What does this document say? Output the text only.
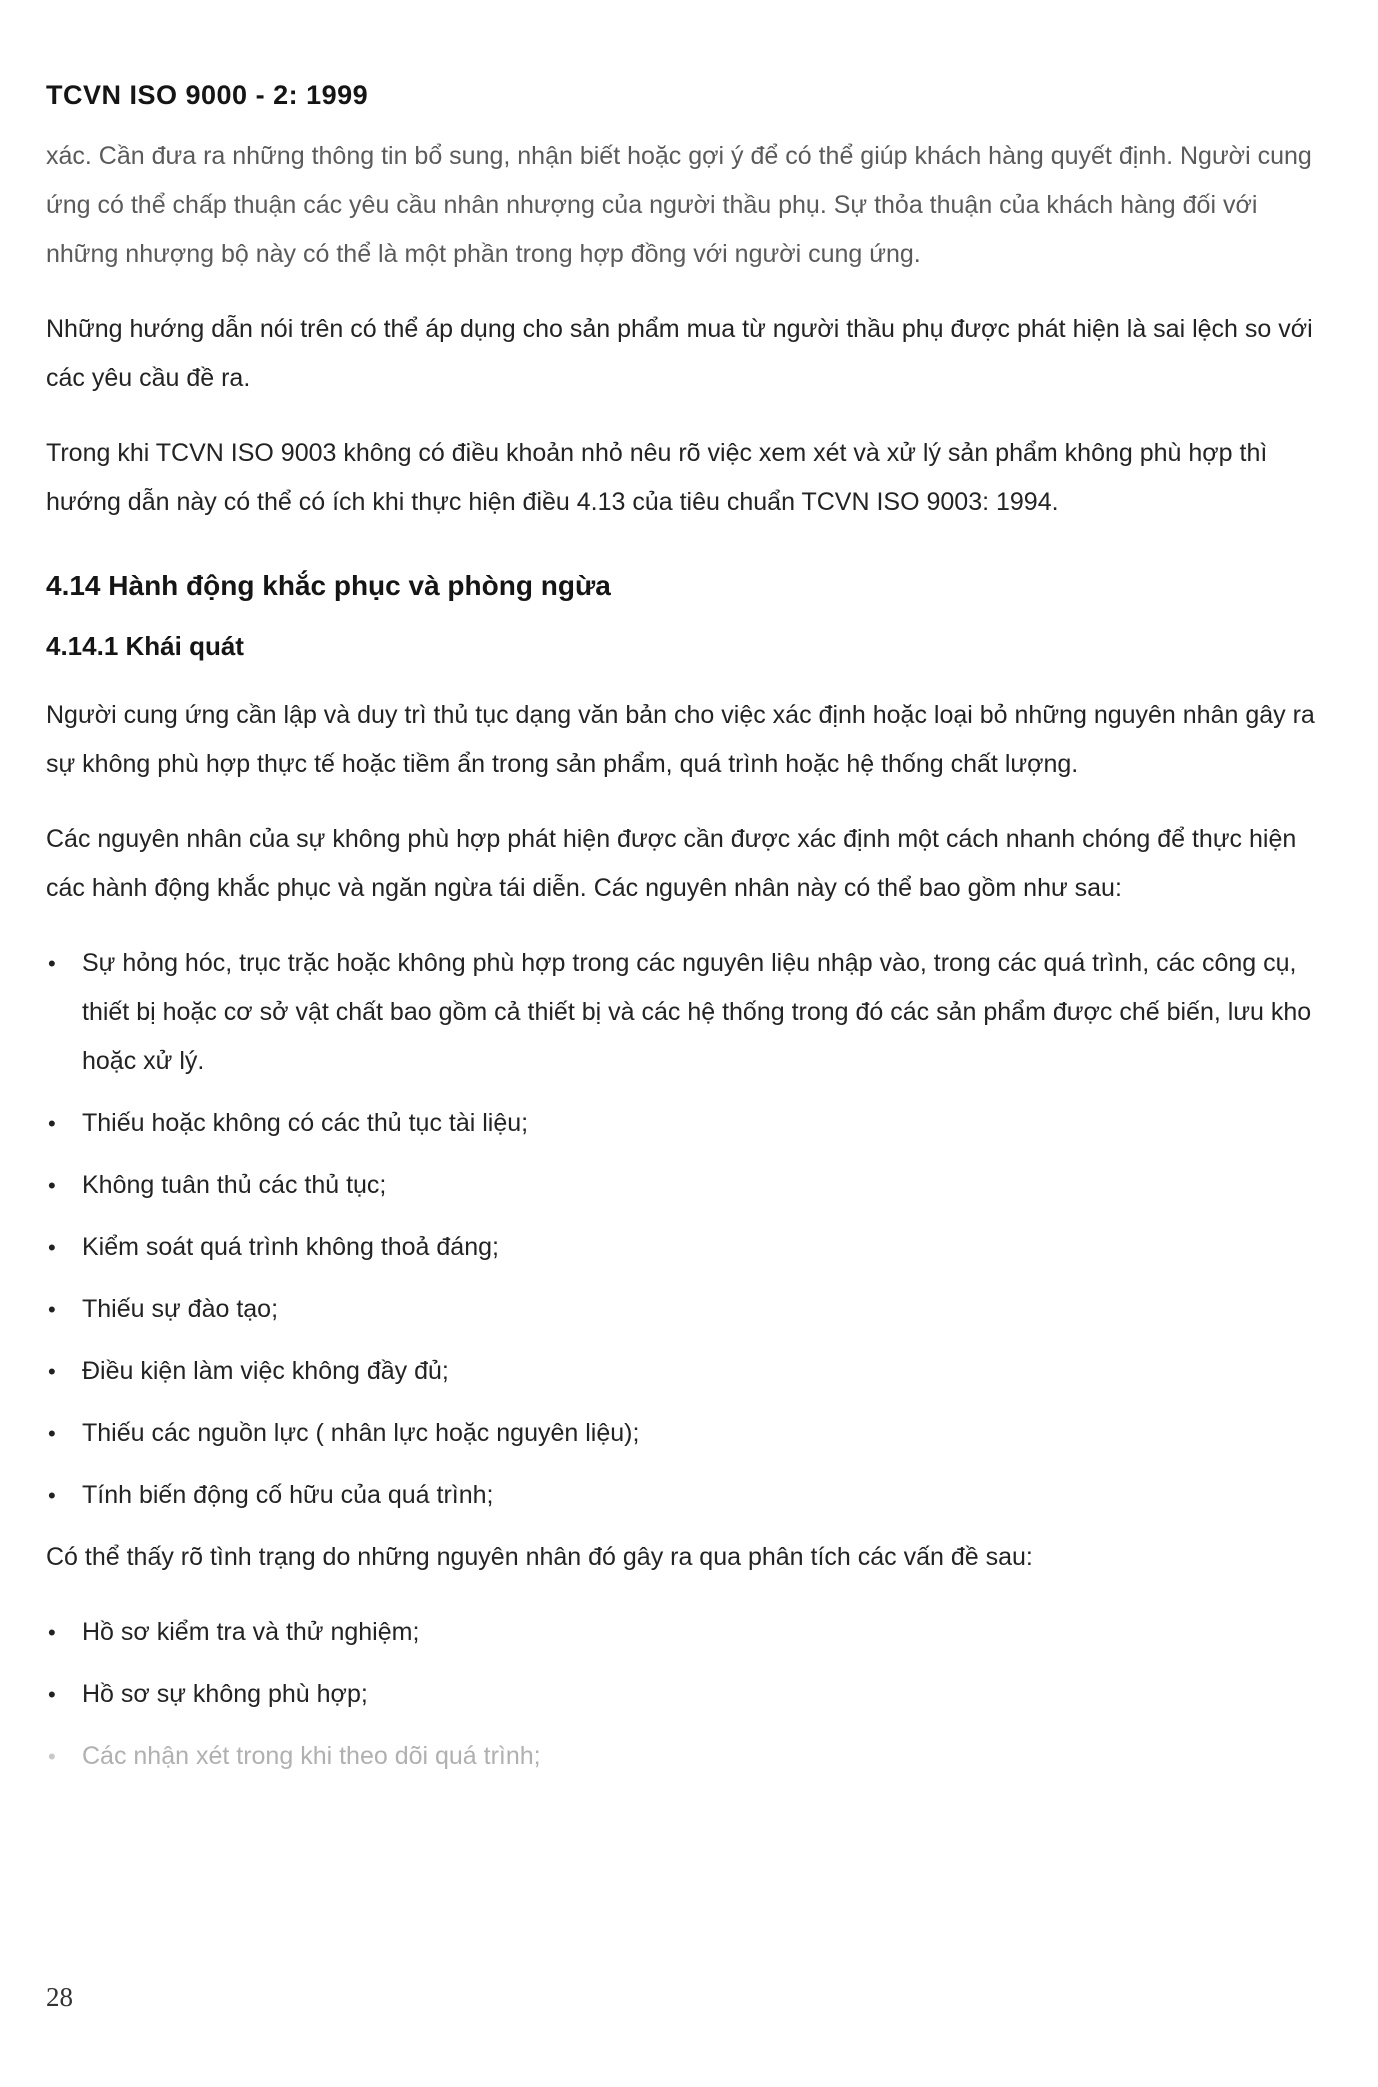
TCVN ISO 9000 - 2: 1999

xác. Cần đưa ra những thông tin bổ sung, nhận biết hoặc gợi ý để có thể giúp khách hàng quyết định. Người cung ứng có thể chấp thuận các yêu cầu nhân nhượng của người thầu phụ. Sự thỏa thuận của khách hàng đối với những nhượng bộ này có thể là một phần trong hợp đồng với người cung ứng.

Những hướng dẫn nói trên có thể áp dụng cho sản phẩm mua từ người thầu phụ được phát hiện là sai lệch so với các yêu cầu đề ra.

Trong khi TCVN ISO 9003 không có điều khoản nhỏ nêu rõ việc xem xét và xử lý sản phẩm không phù hợp thì hướng dẫn này có thể có ích khi thực hiện điều 4.13 của tiêu chuẩn TCVN ISO 9003: 1994.

4.14 Hành động khắc phục và phòng ngừa
4.14.1 Khái quát

Người cung ứng cần lập và duy trì thủ tục dạng văn bản cho việc xác định hoặc loại bỏ những nguyên nhân gây ra sự không phù hợp thực tế hoặc tiềm ẩn trong sản phẩm, quá trình hoặc hệ thống chất lượng.

Các nguyên nhân của sự không phù hợp phát hiện được cần được xác định một cách nhanh chóng để thực hiện các hành động khắc phục và ngăn ngừa tái diễn. Các nguyên nhân này có thể bao gồm như sau:

• Sự hỏng hóc, trục trặc hoặc không phù hợp trong các nguyên liệu nhập vào, trong các quá trình, các công cụ, thiết bị hoặc cơ sở vật chất bao gồm cả thiết bị và các hệ thống trong đó các sản phẩm được chế biến, lưu kho hoặc xử lý.
• Thiếu hoặc không có các thủ tục tài liệu;
• Không tuân thủ các thủ tục;
• Kiểm soát quá trình không thoả đáng;
• Thiếu sự đào tạo;
• Điều kiện làm việc không đầy đủ;
• Thiếu các nguồn lực ( nhân lực hoặc nguyên liệu);
• Tính biến động cố hữu của quá trình;

Có thể thấy rõ tình trạng do những nguyên nhân đó gây ra qua phân tích các vấn đề sau:

• Hồ sơ kiểm tra và thử nghiệm;
• Hồ sơ sự không phù hợp;
• Các nhận xét trong khi theo dõi quá trình;
28
